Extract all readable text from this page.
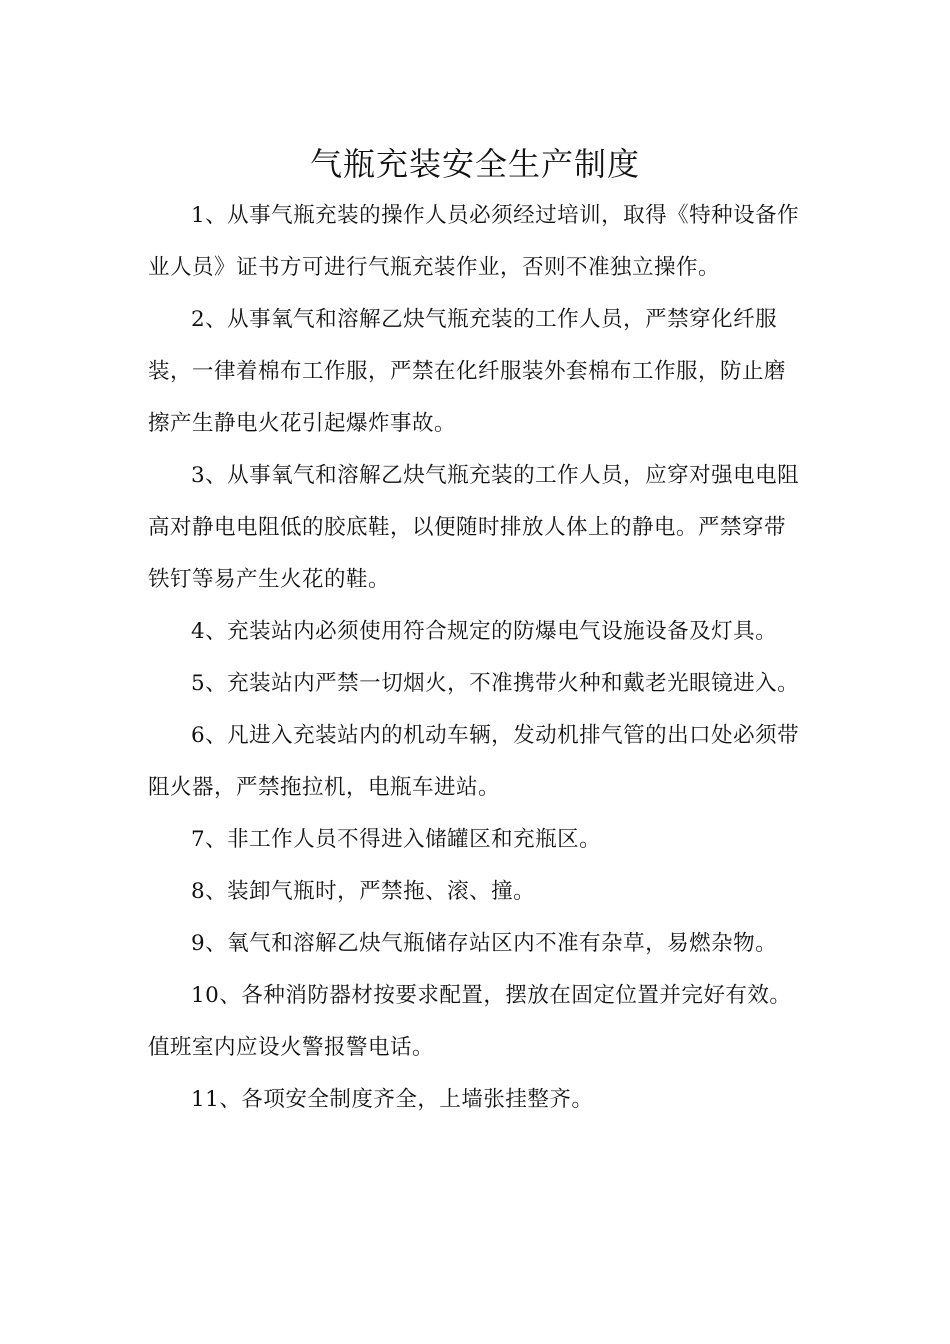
气瓶充装安全生产制度

1、从事气瓶充装的操作人员必须经过培训，取得《特种设备作业人员》证书方可进行气瓶充装作业，否则不准独立操作。

2、从事氧气和溶解乙炔气瓶充装的工作人员，严禁穿化纤服装，一律着棉布工作服，严禁在化纤服装外套棉布工作服，防止磨擦产生静电火花引起爆炸事故。

3、从事氧气和溶解乙炔气瓶充装的工作人员，应穿对强电电阻高对静电电阻低的胶底鞋，以便随时排放人体上的静电。严禁穿带铁钉等易产生火花的鞋。

4、充装站内必须使用符合规定的防爆电气设施设备及灯具。

5、充装站内严禁一切烟火，不准携带火种和戴老光眼镜进入。

6、凡进入充装站内的机动车辆，发动机排气管的出口处必须带阻火器，严禁拖拉机，电瓶车进站。

7、非工作人员不得进入储罐区和充瓶区。

8、装卸气瓶时，严禁拖、滚、撞。

9、氧气和溶解乙炔气瓶储存站区内不准有杂草，易燃杂物。

10、各种消防器材按要求配置，摆放在固定位置并完好有效。值班室内应设火警报警电话。

11、各项安全制度齐全，上墙张挂整齐。
